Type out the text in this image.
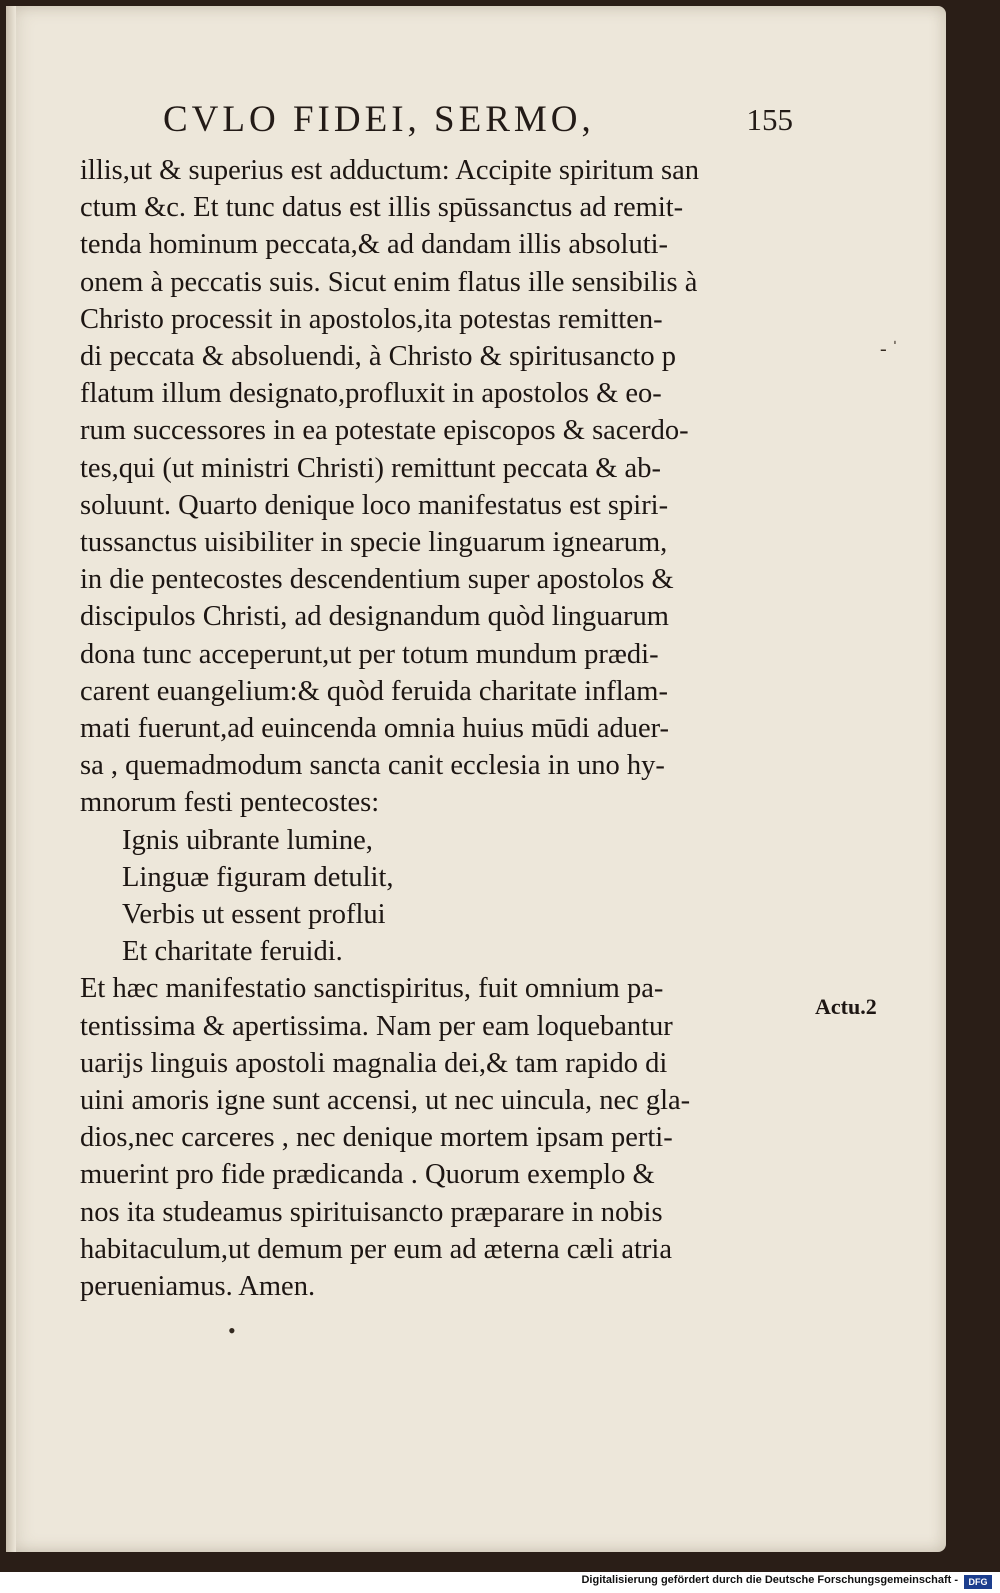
CVLO FIDEI, SERMO,	155
illis,ut & superius est adductum: Accipite spiritum san
ctum &c. Et tunc datus est illis spūssanctus ad remit-
tenda hominum peccata,& ad dandam illis absoluti-
onem à peccatis suis. Sicut enim flatus ille sensibilis à
Christo processit in apostolos,ita potestas remitten-
di peccata & absoluendi, à Christo & spiritusancto p
flatum illum designato,profluxit in apostolos & eo-
rum successores in ea potestate episcopos & sacerdo-
tes,qui (ut ministri Christi) remittunt peccata & ab-
soluunt. Quarto denique loco manifestatus est spiri-
tussanctus uisibiliter in specie linguarum ignearum,
in die pentecostes descendentium super apostolos &
discipulos Christi, ad designandum quòd linguarum
dona tunc acceperunt,ut per totum mundum prædi-
carent euangelium:& quòd feruida charitate inflam-
mati fuerunt,ad euincenda omnia huius mūdi aduer-
sa , quemadmodum sancta canit ecclesia in uno hy-
mnorum festi pentecostes:
Ignis uibrante lumine,
Linguæ figuram detulit,
Verbis ut essent proflui
Et charitate feruidi.
Et hæc manifestatio sanctispiritus, fuit omnium pa-
tentissima & apertissima. Nam per eam loquebantur
uarijs linguis apostoli magnalia dei,& tam rapido di
uini amoris igne sunt accensi, ut nec uincula, nec gla-
dios,nec carceres , nec denique mortem ipsam perti-
muerint pro fide prædicanda . Quorum exemplo &
nos ita studeamus spirituisancto præparare in nobis
habitaculum,ut demum per eum ad æterna cæli atria
perueniamus. Amen.
Actu.2
‐ ˈ
•
Digitalisierung gefördert durch die Deutsche Forschungsgemeinschaft -	DFG
